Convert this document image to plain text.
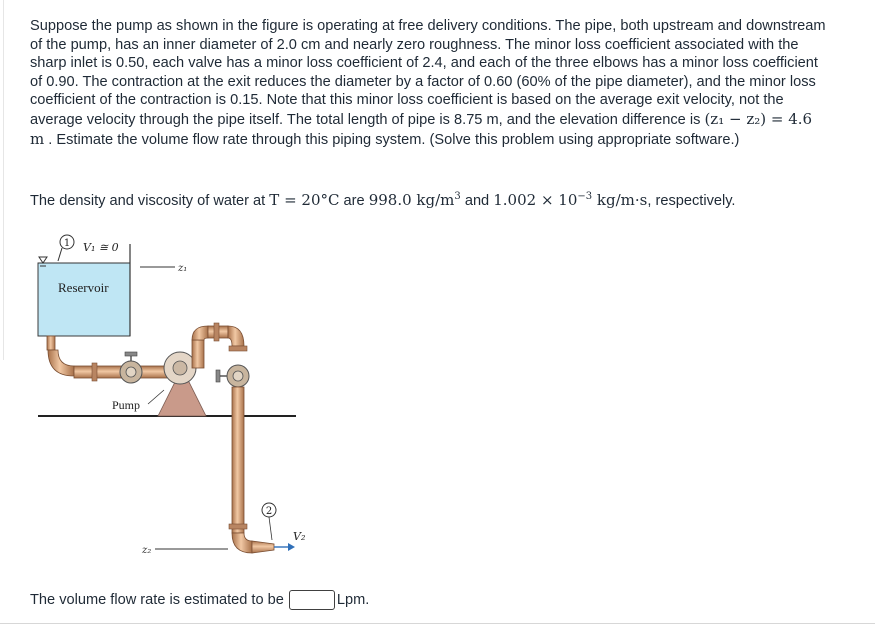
Suppose the pump as shown in the figure is operating at free delivery conditions. The pipe, both upstream and downstream of the pump, has an inner diameter of 2.0 cm and nearly zero roughness. The minor loss coefficient associated with the sharp inlet is 0.50, each valve has a minor loss coefficient of 2.4, and each of the three elbows has a minor loss coefficient of 0.90. The contraction at the exit reduces the diameter by a factor of 0.60 (60% of the pipe diameter), and the minor loss coefficient of the contraction is 0.15. Note that this minor loss coefficient is based on the average exit velocity, not the average velocity through the pipe itself. The total length of pipe is 8.75 m, and the elevation difference is (z₁ − z₂) = 4.6 m . Estimate the volume flow rate through this piping system. (Solve this problem using appropriate software.)

The density and viscosity of water at T = 20°C are 998.0 $kg/m^3$ and $1.002 \times 10^{-3}$ kg/m·s, respectively.

1 V₁ ≅ 0
Reservoir
z₁
Pump
2
V₂
z₂
The volume flow rate is estimated to be	Lpm.
